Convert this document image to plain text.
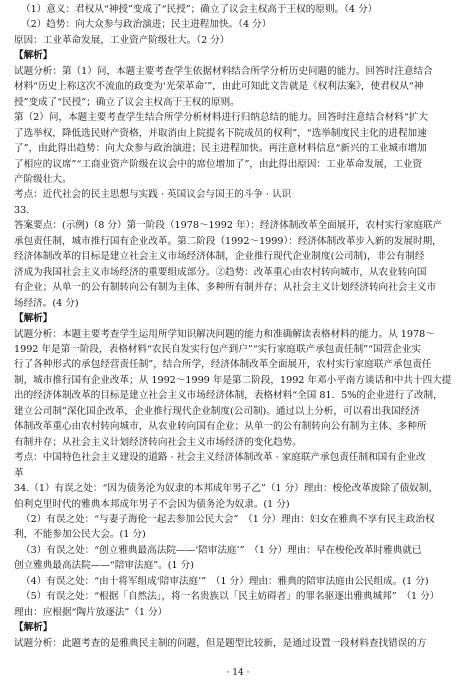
（1）意义：君权从“神授”变成了“民授”；确立了议会主权高于王权的原则。（4 分）
（2）趋势：向大众参与政治演进；民主进程加快。（4 分）
原因：工业革命发展，工业资产阶级壮大。（2 分）
【解析】
试题分析：第（1）问，本题主要考查学生依据材料结合所学分析历史问题的能力。回答时注意结合
材料“历史上称这次不流血的政变为‘光荣革命’”，由此可知此文告就是《权利法案》，使君权从“神
授”变成了“民授”；确立了议会主权高于王权的原则。
第（2）问，本题主要考查学生结合所学分析材料进行归纳总结的能力。回答时注意结合材料“扩大
了选举权，降低选民财产资格，并取消由上院提名下院成员的权利”，“选举制度民主化的进程加速
了”，由此得出趋势：向大众参与政治演进；民主进程加快。再注意材料信息“新兴的工业城市增加
了相应的议席”“工商业资产阶级在议会中的席位增加了”，由此得出原因：工业革命发展，工业资
产阶级壮大。
考点：近代社会的民主思想与实践 · 英国议会与国王的斗争 · 认识
33.
答案要点：(示例)（8 分）第一阶段（1978～1992 年）：经济体制改革全面展开，农村实行家庭联产
承包责任制，城市推行国有企业改革。第二阶段（1992～1999）：经济体制改革步入新的发展时期，
经济体制改革的目标是建立社会主义市场经济体制，企业推行现代企业制度(公司制)，非公有制经
济成为我国社会主义市场经济的重要组成部分。②趋势：改革重心由农村转向城市，从农业转向国
有企业；从单一的公有制转向公有制为主体、多种所有制并存；从社会主义计划经济转向社会主义市
场经济。(4 分)
【解析】
试题分析：本题主要考查学生运用所学知识解决问题的能力和准确解读表格材料的能力。从 1978～
1992 年是第一阶段，表格材料“农民自发实行包产到户”“实行家庭联产承包责任制”“国营企业实
行了各种形式的承包经营责任制”，结合所学，经济体制改革全面展开，农村实行家庭联产承包责任
制，城市推行国有企业改革；从 1992～1999 年是第二阶段，1992 年邓小平南方谈话和中共十四大提
出的经济体制改革的目标是建立社会主义市场经济体制，表格材料“全国 81．5%的企业进行了改制，
建立公司制”深化国企改革，企业推行现代企业制度(公司制)。通过以上分析，可以看出我国经济
体制改革重心由农村转向城市，从农业转向国有企业；从单一的公有制转向公有制为主体、多种所
有制并存；从社会主义计划经济转向社会主义市场经济的变化趋势。
考点：中国特色社会主义建设的道路 · 社会主义经济体制改革 · 家庭联产承包责任制和国有企业改
革
34.（1）有误之处：“因为债务沦为奴隶的本邦成年男子乙”（1 分）理由：梭伦改革废除了债奴制，
伯利克里时代的雅典本邦成年男子不会因为债务沦为奴隶。(1 分)
（2）有误之处：“与妻子海伦一起去参加公民大会”　（1 分）理由：妇女在雅典不享有民主政治权
利，不能参加公民大会。(1 分)
（3）有误之处：“创立雅典最高法院——‘陪审法庭’”　（1 分）理由：早在梭伦改革时雅典就已
创立雅典最高法院——“陪审法庭”。(1 分)
（4）有误之处：“由十将军组成‘陪审法庭’”　（1 分）理由：雅典的陪审法庭由公民组成。(1 分)
（5）有误之处：“根据「自然法」，将一名贵族以「民主妨碍者」的罪名驱逐出雅典城邦”　（1 分）
理由：应根据“陶片放逐法”（1 分）
【解析】
试题分析：此题考查的是雅典民主制的问题，但是题型比较新，是通过设置一段材料查找错误的方
· 14 ·
